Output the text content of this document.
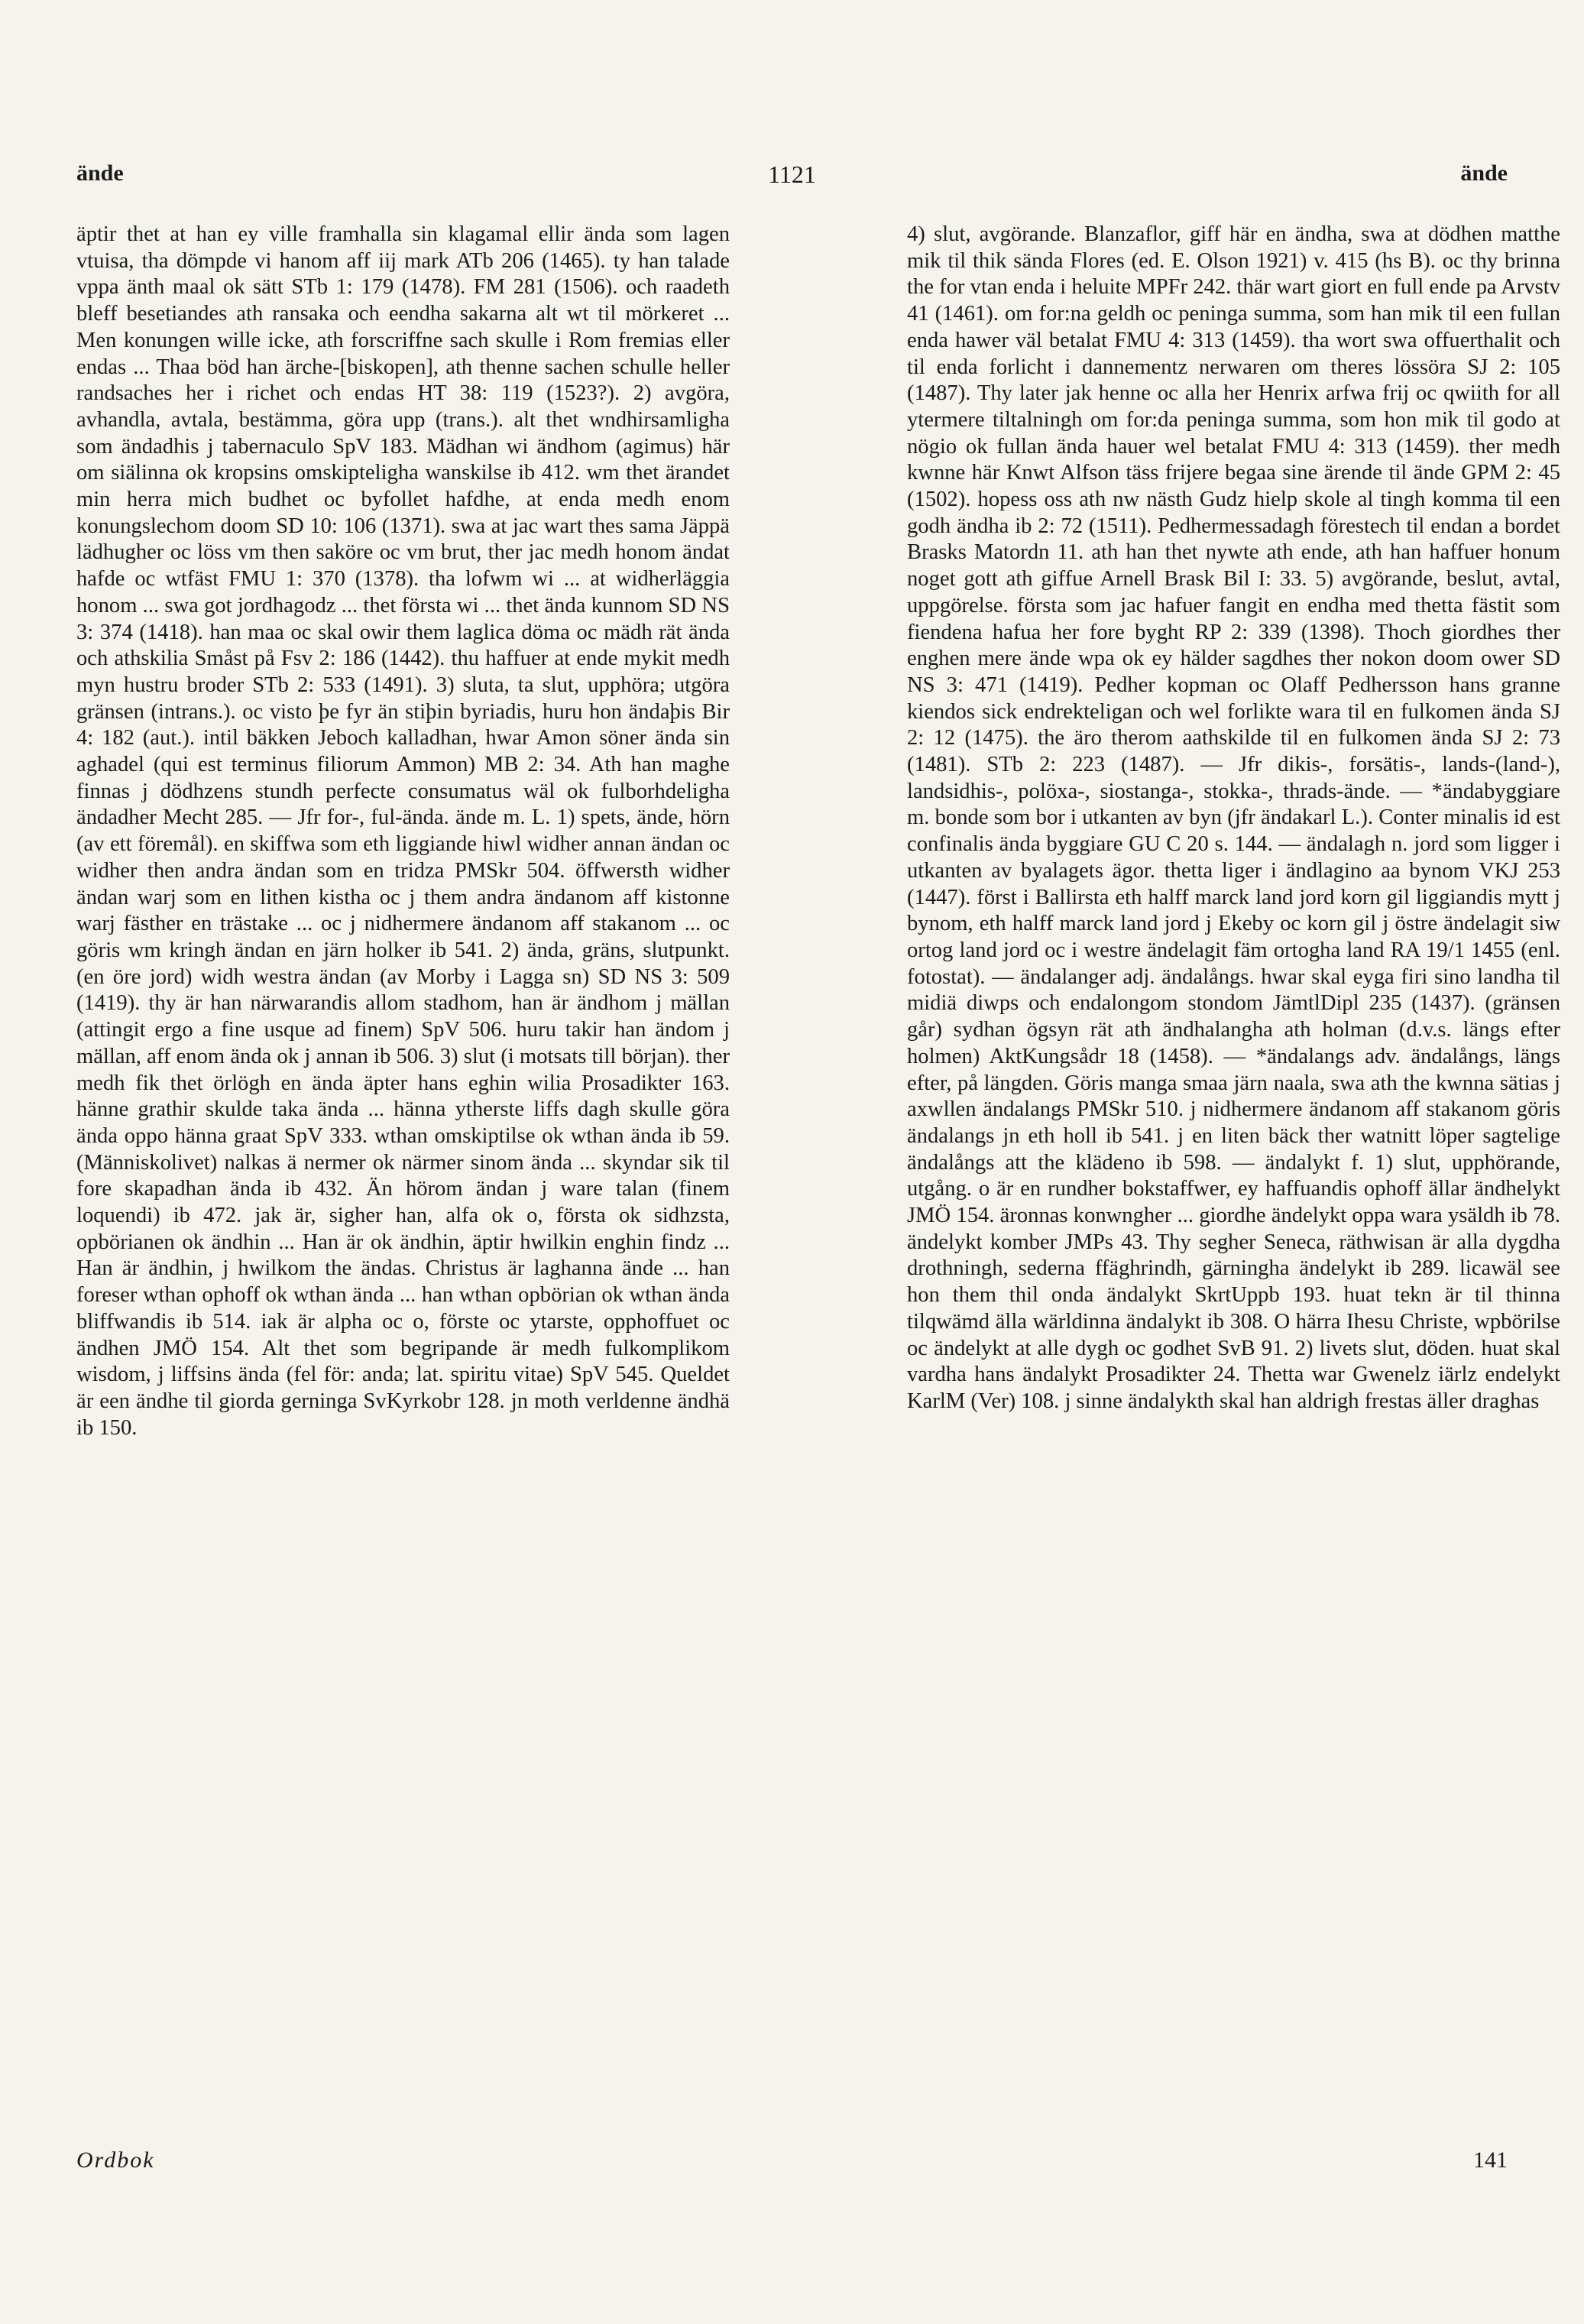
ände	1121	ände

äptir thet at han ey ville framhalla sin klagamal ellir ända som lagen vtuisa, tha dömpde vi hanom aff iij mark ATb 206 (1465). ty han talade vppa änth maal ok sätt STb 1: 179 (1478). FM 281 (1506). och raadeth bleff besetiandes ath ransaka och eendha sakarna alt wt til mörkeret ... Men konungen wille icke, ath forscriffne sach skulle i Rom fremias eller endas ... Thaa böd han ärche-[biskopen], ath thenne sachen schulle heller randsaches her i richet och endas HT 38: 119 (1523?). 2) avgöra, avhandla, avtala, bestämma, göra upp (trans.). alt thet wndhirsamligha som ändadhis j tabernaculo SpV 183. Mädhan wi ändhom (agimus) här om siälinna ok kropsins omskipteligha wanskilse ib 412. wm thet ärandet min herra mich budhet oc byfollet hafdhe, at enda medh enom konungslechom doom SD 10: 106 (1371). swa at jac wart thes sama Jäppä lädhugher oc löss vm then saköre oc vm brut, ther jac medh honom ändat hafde oc wtfäst FMU 1: 370 (1378). tha lofwm wi ... at widherläggia honom ... swa got jordhagodz ... thet första wi ... thet ända kunnom SD NS 3: 374 (1418). han maa oc skal owir them laglica döma oc mädh rät ända och athskilia Småst på Fsv 2: 186 (1442). thu haffuer at ende mykit medh myn hustru broder STb 2: 533 (1491). 3) sluta, ta slut, upphöra; utgöra gränsen (intrans.). oc visto þe fyr än stiþin byriadis, huru hon ändaþis Bir 4: 182 (aut.). intil bäkken Jeboch kalladhan, hwar Amon söner ända sin aghadel (qui est terminus filiorum Ammon) MB 2: 34. Ath han maghe finnas j dödhzens stundh perfecte consumatus wäl ok fulborhdeligha ändadher Mecht 285. — Jfr for-, ful-ända. ände m. L. 1) spets, ände, hörn (av ett föremål). en skiffwa som eth liggiande hiwl widher annan ändan oc widher then andra ändan som en tridza PMSkr 504. öffwersth widher ändan warj som en lithen kistha oc j them andra ändanom aff kistonne warj fästher en trästake ... oc j nidhermere ändanom aff stakanom ... oc göris wm kringh ändan en järn holker ib 541. 2) ända, gräns, slutpunkt. (en öre jord) widh westra ändan (av Morby i Lagga sn) SD NS 3: 509 (1419). thy är han närwarandis allom stadhom, han är ändhom j mällan (attingit ergo a fine usque ad finem) SpV 506. huru takir han ändom j mällan, aff enom ända ok j annan ib 506. 3) slut (i motsats till början). ther medh fik thet örlögh en ända äpter hans eghin wilia Prosadikter 163. hänne grathir skulde taka ända ... hänna ytherste liffs dagh skulle göra ända oppo hänna graat SpV 333. wthan omskiptilse ok wthan ända ib 59. (Människolivet) nalkas ä nermer ok närmer sinom ända ... skyndar sik til fore skapadhan ända ib 432. Än hörom ändan j ware talan (finem loquendi) ib 472. jak är, sigher han, alfa ok o, första ok sidhzsta, opbörianen ok ändhin ... Han är ok ändhin, äptir hwilkin enghin findz ... Han är ändhin, j hwilkom the ändas. Christus är laghanna ände ... han foreser wthan ophoff ok wthan ända ... han wthan opbörian ok wthan ända bliffwandis ib 514. iak är alpha oc o, förste oc ytarste, opphoffuet oc ändhen JMÖ 154. Alt thet som begripande är medh fulkomplikom wisdom, j liffsins ända (fel för: anda; lat. spiritu vitae) SpV 545. Queldet är een ändhe til giorda gerninga SvKyrkobr 128. jn moth verldenne ändhä ib 150.

4) slut, avgörande. Blanzaflor, giff här en ändha, swa at dödhen matthe mik til thik sända Flores (ed. E. Olson 1921) v. 415 (hs B). oc thy brinna the for vtan enda i heluite MPFr 242. thär wart giort en full ende pa Arvstv 41 (1461). om for:na geldh oc peninga summa, som han mik til een fullan enda hawer väl betalat FMU 4: 313 (1459). tha wort swa offuerthalit och til enda forlicht i dannementz nerwaren om theres lössöra SJ 2: 105 (1487). Thy later jak henne oc alla her Henrix arfwa frij oc qwiith for all ytermere tiltalningh om for:da peninga summa, som hon mik til godo at nögio ok fullan ända hauer wel betalat FMU 4: 313 (1459). ther medh kwnne här Knwt Alfson täss frijere begaa sine ärende til ände GPM 2: 45 (1502). hopess oss ath nw nästh Gudz hielp skole al tingh komma til een godh ändha ib 2: 72 (1511). Pedhermessadagh förestech til endan a bordet Brasks Matordn 11. ath han thet nywte ath ende, ath han haffuer honum noget gott ath giffue Arnell Brask Bil I: 33. 5) avgörande, beslut, avtal, uppgörelse. första som jac hafuer fangit en endha med thetta fästit som fiendena hafua her fore byght RP 2: 339 (1398). Thoch giordhes ther enghen mere ände wpa ok ey hälder sagdhes ther nokon doom ower SD NS 3: 471 (1419). Pedher kopman oc Olaff Pedhersson hans granne kiendos sick endrekteligan och wel forlikte wara til en fulkomen ända SJ 2: 12 (1475). the äro therom aathskilde til en fulkomen ända SJ 2: 73 (1481). STb 2: 223 (1487). — Jfr dikis-, forsätis-, lands-(land-), landsidhis-, polöxa-, siostanga-, stokka-, thrads-ände. — *ändabyggiare m. bonde som bor i utkanten av byn (jfr ändakarl L.). Conter minalis id est confinalis ända byggiare GU C 20 s. 144. — ändalagh n. jord som ligger i utkanten av byalagets ägor. thetta liger i ändlagino aa bynom VKJ 253 (1447). först i Ballirsta eth halff marck land jord korn gil liggiandis mytt j bynom, eth halff marck land jord j Ekeby oc korn gil j östre ändelagit siw ortog land jord oc i westre ändelagit fäm ortogha land RA 19/1 1455 (enl. fotostat). — ändalanger adj. ändalångs. hwar skal eyga firi sino landha til midiä diwps och endalongom stondom JämtlDipl 235 (1437). (gränsen går) sydhan ögsyn rät ath ändhalangha ath holman (d.v.s. längs efter holmen) AktKungsådr 18 (1458). — *ändalangs adv. ändalångs, längs efter, på längden. Göris manga smaa järn naala, swa ath the kwnna sätias j axwllen ändalangs PMSkr 510. j nidhermere ändanom aff stakanom göris ändalangs jn eth holl ib 541. j en liten bäck ther watnitt löper sagtelige ändalångs att the klädeno ib 598. — ändalykt f. 1) slut, upphörande, utgång. o är en rundher bokstaffwer, ey haffuandis ophoff ällar ändhelykt JMÖ 154. äronnas konwngher ... giordhe ändelykt oppa wara ysäldh ib 78. ändelykt komber JMPs 43. Thy segher Seneca, räthwisan är alla dygdha drothningh, sederna ffäghrindh, gärningha ändelykt ib 289. licawäl see hon them thil onda ändalykt SkrtUppb 193. huat tekn är til thinna tilqwämd älla wärldinna ändalykt ib 308. O härra Ihesu Christe, wpbörilse oc ändelykt at alle dygh oc godhet SvB 91. 2) livets slut, döden. huat skal vardha hans ändalykt Prosadikter 24. Thetta war Gwenelz iärlz endelykt KarlM (Ver) 108. j sinne ändalykth skal han aldrigh frestas äller draghas

Ordbok	141
